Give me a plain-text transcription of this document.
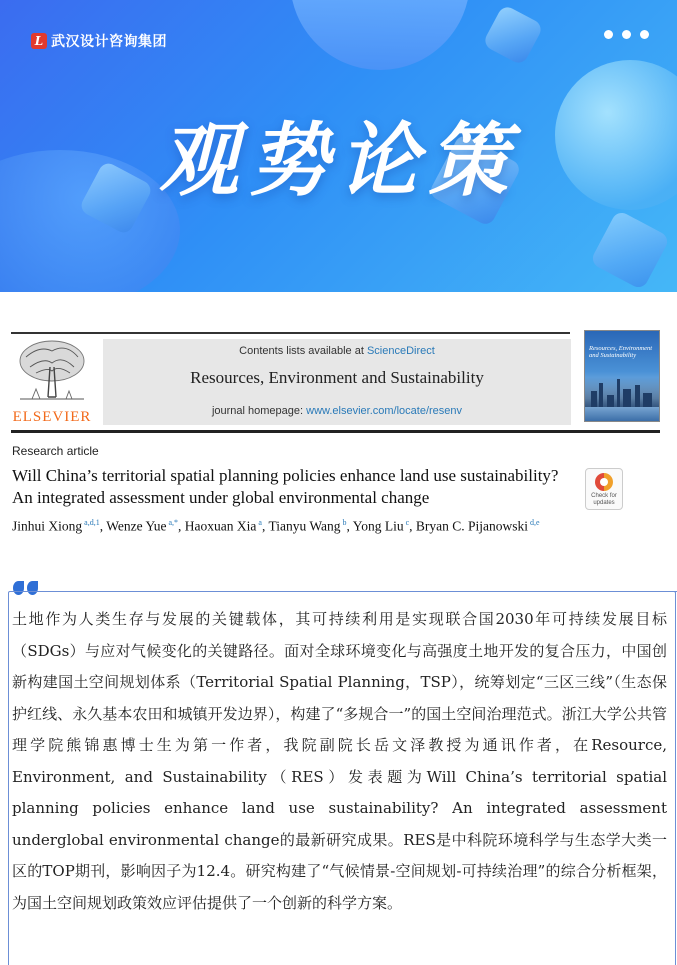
L 武汉设计咨询集团
观势论策
ELSEVIER
Contents lists available at ScienceDirect
Resources, Environment and Sustainability
journal homepage: www.elsevier.com/locate/resenv
Resources, Environment and Sustainability
Research article
Will China’s territorial spatial planning policies enhance land use sustainability? An integrated assessment under global environmental change	Check for updates
Jinhui Xiong $^{a,d,1}$, Wenze Yue $^{a,*}$, Haoxuan Xia $^a$, Tianyu Wang $^b$, Yong Liu $^c$, Bryan C. Pijanowski $^{d,e}$
土地作为人类生存与发展的关键载体，其可持续利用是实现联合国2030年可持续发展目标（SDGs）与应对气候变化的关键路径。面对全球环境变化与高强度土地开发的复合压力，中国创新构建国土空间规划体系（Territorial Spatial Planning，TSP），统筹划定“三区三线”（生态保护红线、永久基本农田和城镇开发边界），构建了“多规合一”的国土空间治理范式。浙江大学公共管理学院熊锦惠博士生为第一作者，我院副院长岳文泽教授为通讯作者，在Resource, Environment, and Sustainability（RES）发表题为Will China’s territorial spatial planning policies enhance land use sustainability? An integrated assessment underglobal environmental change的最新研究成果。RES是中科院环境科学与生态学大类一区的TOP期刊，影响因子为12.4。研究构建了“气候情景-空间规划-可持续治理”的综合分析框架，为国土空间规划政策效应评估提供了一个创新的科学方案。
